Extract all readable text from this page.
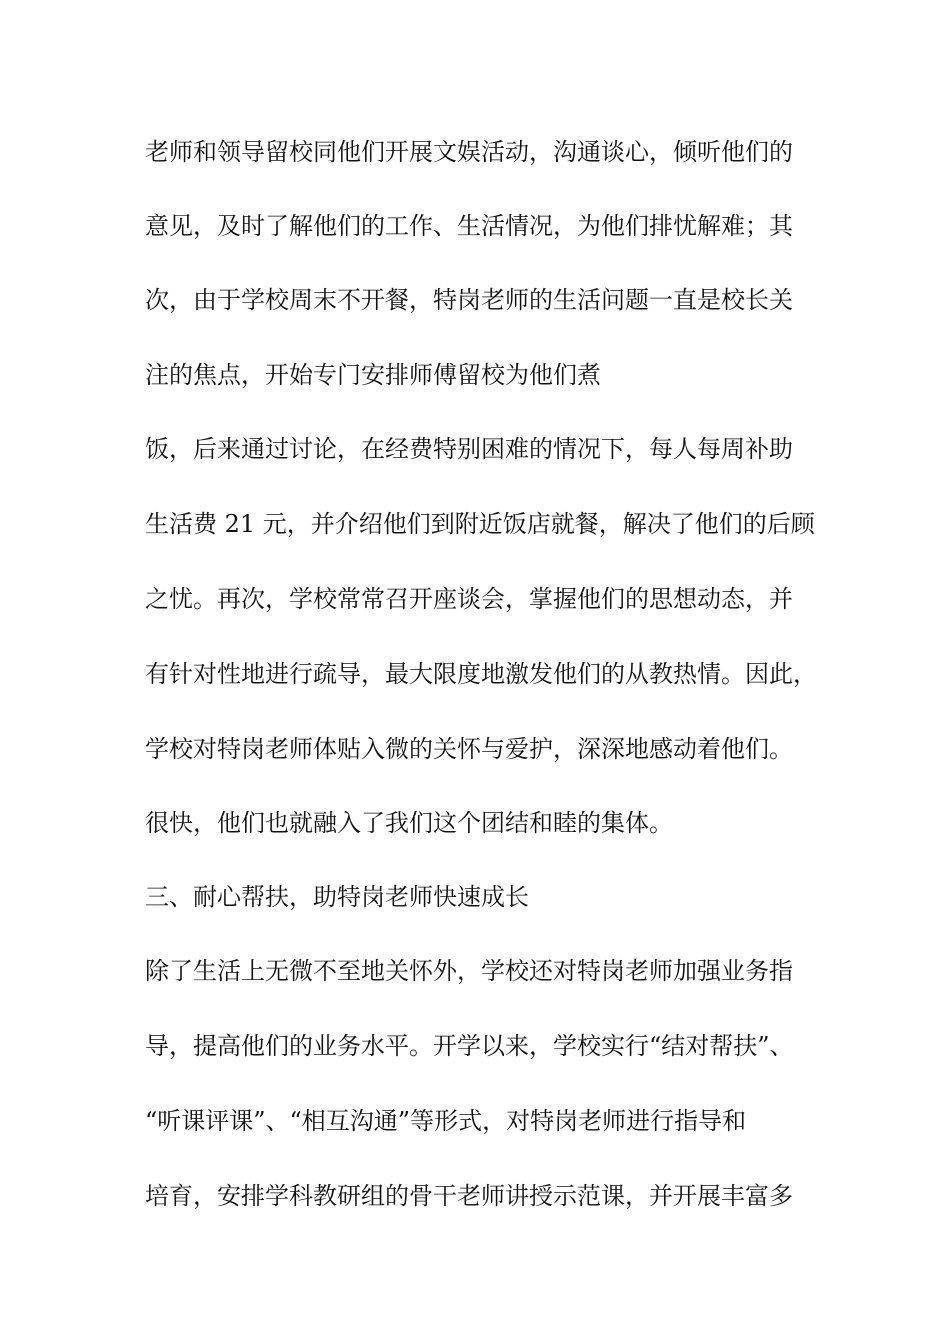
老师和领导留校同他们开展文娱活动，沟通谈心，倾听他们的
意见，及时了解他们的工作、生活情况，为他们排忧解难；其
次，由于学校周末不开餐，特岗老师的生活问题一直是校长关
注的焦点，开始专门安排师傅留校为他们煮
饭，后来通过讨论，在经费特别困难的情况下，每人每周补助
生活费 21 元，并介绍他们到附近饭店就餐，解决了他们的后顾
之忧。再次，学校常常召开座谈会，掌握他们的思想动态，并
有针对性地进行疏导，最大限度地激发他们的从教热情。因此，
学校对特岗老师体贴入微的关怀与爱护，深深地感动着他们。
很快，他们也就融入了我们这个团结和睦的集体。
三、耐心帮扶，助特岗老师快速成长
除了生活上无微不至地关怀外，学校还对特岗老师加强业务指
导，提高他们的业务水平。开学以来，学校实行“结对帮扶”、
“听课评课”、“相互沟通”等形式，对特岗老师进行指导和
培育，安排学科教研组的骨干老师讲授示范课，并开展丰富多
